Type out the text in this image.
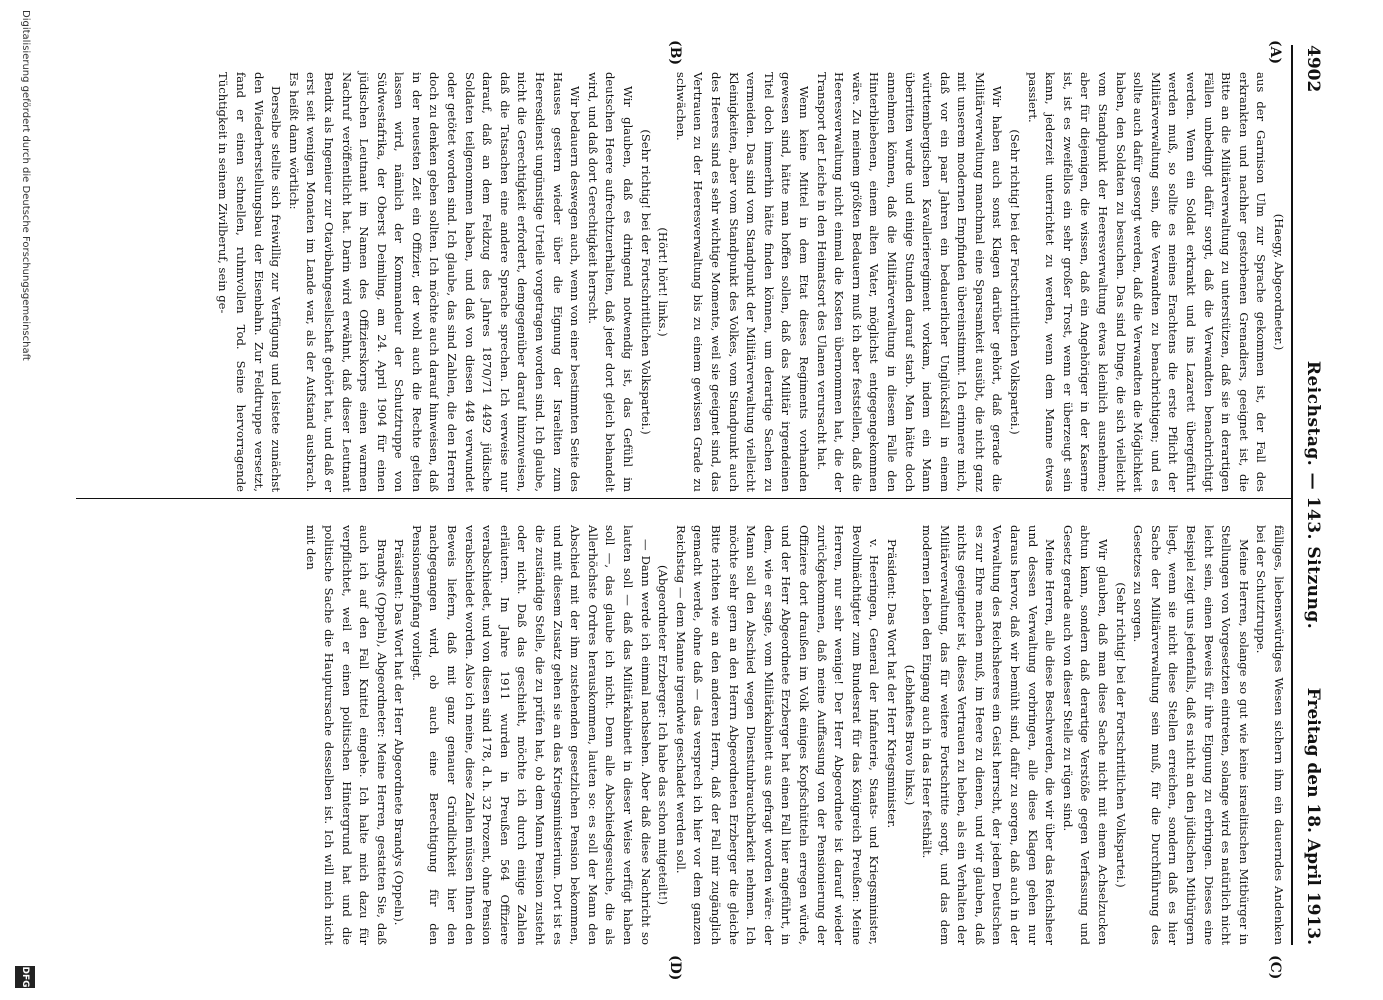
4902
Reichstag. — 143. Sitzung.
Freitag den 18. April 1913.
(A)
(B)
(C)
(D)

(Haegy, Abgeordneter.)

aus der Garnison Ulm zur Sprache gekommen ist, der Fall des erkrankten und nachher gestorbenen Grenadiers, geeignet ist, die Bitte an die Militärverwaltung zu unterstützen, daß sie in derartigen Fällen unbedingt dafür sorgt, daß die Verwandten benachrichtigt werden. Wenn ein Soldat erkrankt und ins Lazarett übergeführt werden muß, so sollte es meines Erachtens die erste Pflicht der Militärverwaltung sein, die Verwandten zu benachrichtigen; und es sollte auch dafür gesorgt werden, daß die Verwandten die Möglichkeit haben, den Soldaten zu besuchen. Das sind Dinge, die sich vielleicht vom Standpunkt der Heeresverwaltung etwas kleinlich ausnehmen; aber für diejenigen, die wissen, daß ein Angehöriger in der Kaserne ist, ist es zweifellos ein sehr großer Trost, wenn er überzeugt sein kann, jederzeit unterrichtet zu werden, wenn dem Manne etwas passiert.

(Sehr richtig! bei der Fortschrittlichen Volkspartei.)

Wir haben auch sonst Klagen darüber gehört, daß gerade die Militärverwaltung manchmal eine Sparsamkeit ausübt, die nicht ganz mit unserem modernen Empfinden übereinstimmt. Ich erinnere mich, daß vor ein paar Jahren ein bedauerlicher Unglücksfall in einem württembergischen Kavallerieregiment vorkam, indem ein Mann überritten wurde und einige Stunden darauf starb. Man hätte doch annehmen können, daß die Militärverwaltung in diesem Falle den Hinterbliebenen, einem alten Vater, möglichst entgegengekommen wäre. Zu meinem größten Bedauern muß ich aber feststellen, daß die Heeresverwaltung nicht einmal die Kosten übernommen hat, die der Transport der Leiche in den Heimatsort des Ulanen verursacht hat.

Wenn keine Mittel in dem Etat dieses Regiments vorhanden gewesen sind, hätte man hoffen sollen, daß das Militär irgendeinen Titel doch immerhin hätte finden können, um derartige Sachen zu vermeiden. Das sind vom Standpunkt der Militärverwaltung vielleicht Kleinigkeiten, aber vom Standpunkt des Volkes, vom Standpunkt auch des Heeres sind es sehr wichtige Momente, weil sie geeignet sind, das Vertrauen zu der Heeresverwaltung bis zu einem gewissen Grade zu schwächen.

(Hört! hört! links.)

(Sehr richtig! bei der Fortschrittlichen Volkspartei.)

Wir glauben, daß es dringend notwendig ist, das Gefühl im deutschen Heere aufrechtzuerhalten, daß jeder dort gleich behandelt wird, und daß dort Gerechtigkeit herrscht.

Wir bedauern deswegen auch, wenn von einer bestimmten Seite des Hauses gestern wieder über die Eignung der Israeliten zum Heeresdienst ungünstige Urteile vorgetragen worden sind. Ich glaube, nicht die Gerechtigkeit erfordert, demgegenüber darauf hinzuweisen, daß die Tatsachen eine andere Sprache sprechen. Ich verweise nur darauf, daß an dem Feldzug des Jahres 1870/71 4492 jüdische Soldaten teilgenommen haben, und daß von diesen 448 verwundet oder getötet worden sind. Ich glaube, das sind Zahlen, die den Herren doch zu denken geben sollten. Ich möchte auch darauf hinweisen, daß in der neuesten Zeit ein Offizier, der wohl auch die Rechte gelten lassen wird, nämlich der Kommandeur der Schutztruppe von Südwestafrika, der Oberst Deimling, am 24. April 1904 für einen jüdischen Leutnant im Namen des Offizierskorps einen warmen Nachruf veröffentlicht hat. Darin wird erwähnt, daß dieser Leutnant Bendix als Ingenieur zur Otavibahngesellschaft gehört hat, und daß er erst seit wenigen Monaten im Lande war, als der Aufstand ausbrach. Es heißt dann wörtlich:

Derselbe stellte sich freiwillig zur Verfügung und leistete zunächst den Wiederherstellungsbau der Eisenbahn. Zur Feldtruppe versetzt, fand er einen schnellen, ruhmvollen Tod. Seine hervorragende Tüchtigkeit in seinem Zivilberuf, sein ge-

fälliges, liebenswürdiges Wesen sichern ihm ein dauerndes Andenken bei der Schutztruppe.

Meine Herren, solange so gut wie keine israelitischen Mitbürger in Stellungen von Vorgesetzten eintreten, solange wird es natürlich nicht leicht sein, einen Beweis für ihre Eignung zu erbringen. Dieses eine Beispiel zeigt uns jedenfalls, daß es nicht an den jüdischen Mitbürgern liegt, wenn sie nicht diese Stellen erreichen, sondern daß es hier Sache der Militärverwaltung sein muß, für die Durchführung des Gesetzes zu sorgen.

(Sehr richtig! bei der Fortschrittlichen Volkspartei.)

Wir glauben, daß man diese Sache nicht mit einem Achselzucken abtun kann, sondern daß derartige Verstöße gegen Verfassung und Gesetz gerade auch von dieser Stelle zu rügen sind.

Meine Herren, alle diese Beschwerden, die wir über das Reichsheer und dessen Verwaltung vorbringen, alle diese Klagen gehen nur daraus hervor, daß wir bemüht sind, dafür zu sorgen, daß auch in der Verwaltung des Reichsheeres ein Geist herrscht, der jedem Deutschen es zur Ehre machen muß, im Heere zu dienen, und wir glauben, daß nichts geeigneter ist, dieses Vertrauen zu heben, als ein Verhalten der Militärverwaltung, das für weitere Fortschritte sorgt, und das dem modernen Leben den Eingang auch in das Heer festhält.

(Lebhaftes Bravo links.)

Präsident: Das Wort hat der Herr Kriegsminister.

v. Heeringen, General der Infanterie, Staats- und Kriegsminister, Bevollmächtigter zum Bundesrat für das Königreich Preußen: Meine Herren, nur sehr wenige! Der Herr Abgeordnete ist darauf wieder zurückgekommen, daß meine Auffassung von der Pensionierung der Offiziere dort draußen im Volk einiges Kopfschütteln erregen würde, und der Herr Abgeordnete Erzberger hat einen Fall hier angeführt, in dem, wie er sagte, vom Militärkabinett aus gefragt worden wäre: der Mann soll den Abschied wegen Dienstunbrauchbarkeit nehmen. Ich möchte sehr gern an den Herrn Abgeordneten Erzberger die gleiche Bitte richten wie an den anderen Herrn, daß der Fall mir zugänglich gemacht werde, ohne daß — das versprech ich hier vor dem ganzen Reichstag — dem Manne irgendwie geschadet werden soll.

(Abgeordneter Erzberger: Ich habe das schon mitgeteilt!)

— Dann werde ich einmal nachsehen. Aber daß diese Nachricht so lauten soll — daß das Militärkabinett in dieser Weise verfügt haben soll —, das glaube ich nicht. Denn alle Abschiedsgesuche, die als Allerhöchste Ordres herauskommen, lauten so: es soll der Mann den Abschied mit der ihm zustehenden gesetzlichen Pension bekommen, und mit diesem Zusatz gehen sie an das Kriegsministerium. Dort ist es die zuständige Stelle, die zu prüfen hat, ob dem Mann Pension zusteht oder nicht. Daß das geschieht, möchte ich durch einige Zahlen erläutern. Im Jahre 1911 wurden in Preußen 564 Offiziere verabschiedet, und von diesen sind 178, d. h. 32 Prozent, ohne Pension verabschiedet worden. Also ich meine, diese Zahlen müssen Ihnen den Beweis liefern, daß mit ganz genauer Gründlichkeit hier den nachgegangen wird, ob auch eine Berechtigung für den Pensionsempfang vorliegt.

Präsident: Das Wort hat der Herr Abgeordnete Brandys (Oppeln).

Brandys (Oppeln), Abgeordneter: Meine Herren, gestatten Sie, daß auch ich auf den Fall Knittel eingehe. Ich halte mich dazu für verpflichtet, weil er einen politischen Hintergrund hat und die politische Sache die Hauptursache desselben ist. Ich will mich nicht mit den

Digitalisierung gefördert durch die Deutsche Forschungsgemeinschaft
DFG
